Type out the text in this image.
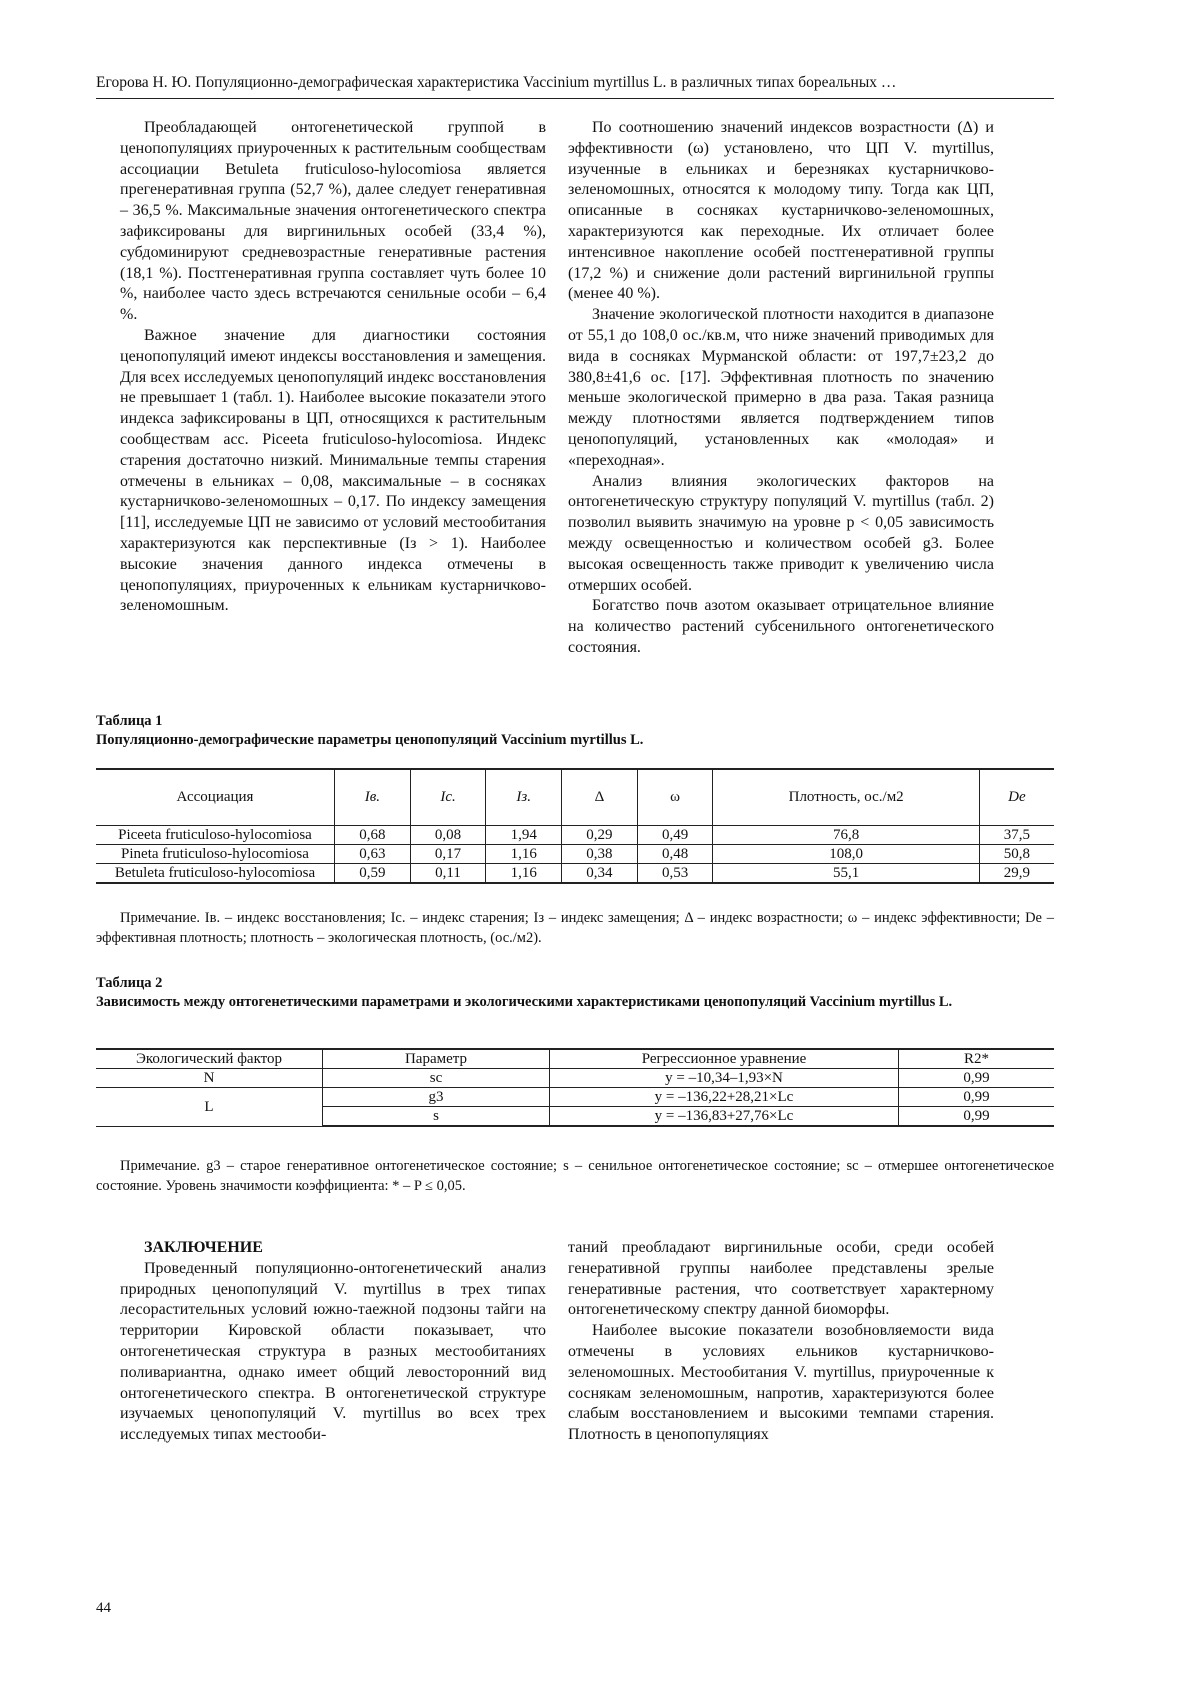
Егорова Н. Ю. Популяционно-демографическая характеристика Vaccinium myrtillus L. в различных типах бореальных …

Преобладающей онтогенетической группой в ценопопуляциях приуроченных к растительным сообществам ассоциации Betuleta fruticuloso-hylocomiosa является прегенеративная группа (52,7 %), далее следует генеративная – 36,5 %. Максимальные значения онтогенетического спектра зафиксированы для виргинильных особей (33,4 %), субдоминируют средневозрастные генеративные растения (18,1 %). Постгенеративная группа составляет чуть более 10 %, наиболее часто здесь встречаются сенильные особи – 6,4 %.

Важное значение для диагностики состояния ценопопуляций имеют индексы восстановления и замещения. Для всех исследуемых ценопопуляций индекс восстановления не превышает 1 (табл. 1). Наиболее высокие показатели этого индекса зафиксированы в ЦП, относящихся к растительным сообществам асс. Piceeta fruticuloso-hylocomiosa. Индекс старения достаточно низкий. Минимальные темпы старения отмечены в ельниках – 0,08, максимальные – в сосняках кустарничково-зеленомошных – 0,17. По индексу замещения [11], исследуемые ЦП не зависимо от условий местообитания характеризуются как перспективные (Iз > 1). Наиболее высокие значения данного индекса отмечены в ценопопуляциях, приуроченных к ельникам кустарничково-зеленомошным.

По соотношению значений индексов возрастности (Δ) и эффективности (ω) установлено, что ЦП V. myrtillus, изученные в ельниках и березняках кустарничково-зеленомошных, относятся к молодому типу. Тогда как ЦП, описанные в сосняках кустарничково-зеленомошных, характеризуются как переходные. Их отличает более интенсивное накопление особей постгенеративной группы (17,2 %) и снижение доли растений виргинильной группы (менее 40 %).

Значение экологической плотности находится в диапазоне от 55,1 до 108,0 ос./кв.м, что ниже значений приводимых для вида в сосняках Мурманской области: от 197,7±23,2 до 380,8±41,6 ос. [17]. Эффективная плотность по значению меньше экологической примерно в два раза. Такая разница между плотностями является подтверждением типов ценопопуляций, установленных как «молодая» и «переходная».

Анализ влияния экологических факторов на онтогенетическую структуру популяций V. myrtillus (табл. 2) позволил выявить значимую на уровне p < 0,05 зависимость между освещенностью и количеством особей g3. Более высокая освещенность также приводит к увеличению числа отмерших особей.

Богатство почв азотом оказывает отрицательное влияние на количество растений субсенильного онтогенетического состояния.

Таблица 1
Популяционно-демографические параметры ценопопуляций Vaccinium myrtillus L.
Ассоциация	Iв.	Iс.	Iз.	Δ	ω	Плотность, ос./м2	De
Piceeta fruticuloso-hylocomiosa	0,68	0,08	1,94	0,29	0,49	76,8	37,5
Pineta fruticuloso-hylocomiosa	0,63	0,17	1,16	0,38	0,48	108,0	50,8
Betuleta fruticuloso-hylocomiosa	0,59	0,11	1,16	0,34	0,53	55,1	29,9
Примечание. Iв. – индекс восстановления; Iс. – индекс старения; Iз – индекс замещения; Δ – индекс возрастности; ω – индекс эффективности; De – эффективная плотность; плотность – экологическая плотность, (ос./м2).
Таблица 2
Зависимость между онтогенетическими параметрами и экологическими характеристиками ценопопуляций Vaccinium myrtillus L.
Экологический фактор	Параметр	Регрессионное уравнение	R2*
N	sc	y = –10,34–1,93×N	0,99
L	g3	y = –136,22+28,21×Lc	0,99
	s	y = –136,83+27,76×Lc	0,99
Примечание. g3 – старое генеративное онтогенетическое состояние; s – сенильное онтогенетическое состояние; sc – отмершее онтогенетическое состояние. Уровень значимости коэффициента: * – P ≤ 0,05.
ЗАКЛЮЧЕНИЕ

Проведенный популяционно-онтогенетический анализ природных ценопопуляций V. myrtillus в трех типах лесорастительных условий южно-таежной подзоны тайги на территории Кировской области показывает, что онтогенетическая структура в разных местообитаниях поливариантна, однако имеет общий левосторонний вид онтогенетического спектра. В онтогенетической структуре изучаемых ценопопуляций V. myrtillus во всех трех исследуемых типах местооби-

таний преобладают виргинильные особи, среди особей генеративной группы наиболее представлены зрелые генеративные растения, что соответствует характерному онтогенетическому спектру данной биоморфы.

Наиболее высокие показатели возобновляемости вида отмечены в условиях ельников кустарничково-зеленомошных. Местообитания V. myrtillus, приуроченные к соснякам зеленомошным, напротив, характеризуются более слабым восстановлением и высокими темпами старения. Плотность в ценопопуляциях

44
